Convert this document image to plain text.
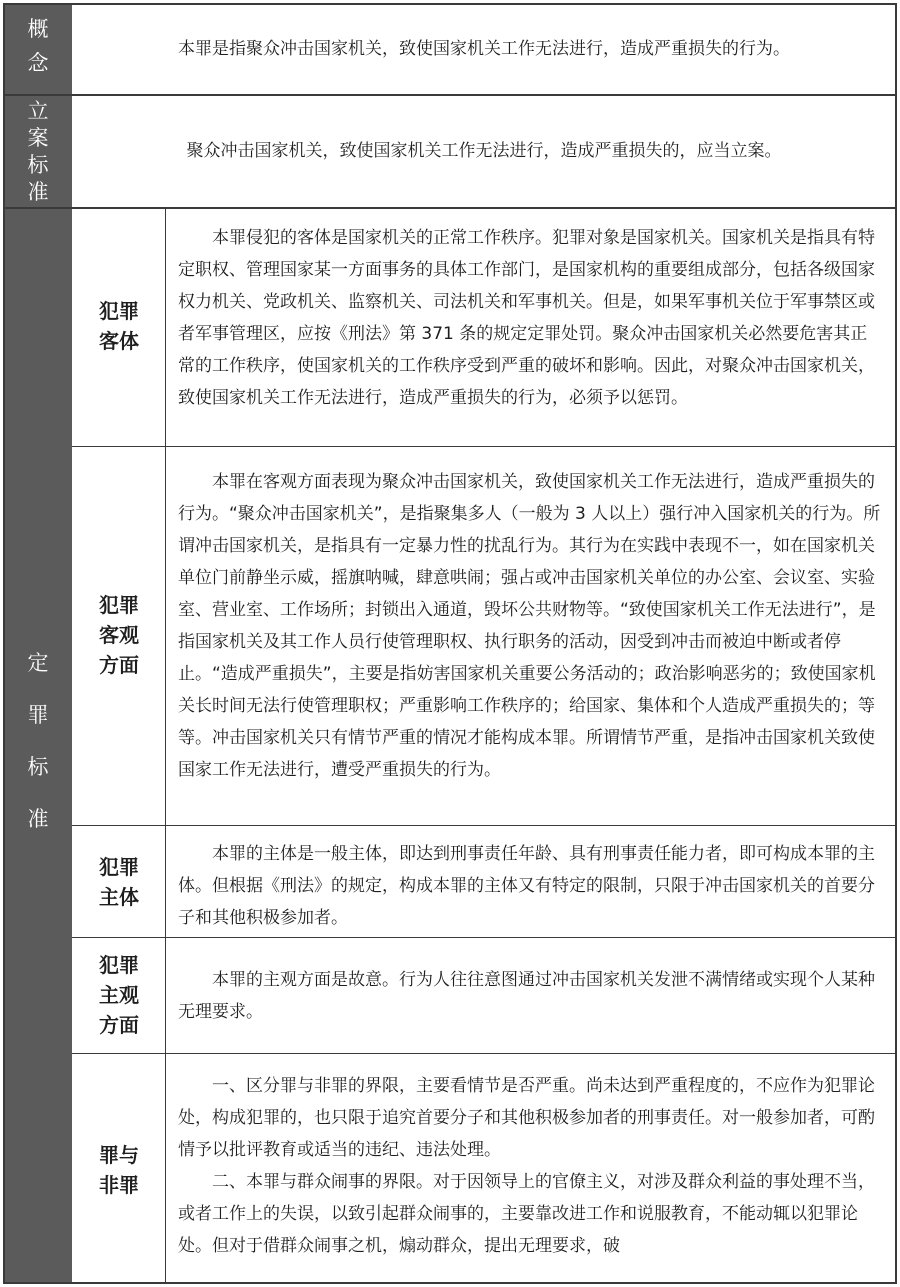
概
念
立
案
标
准
定
罪
标
准
本罪是指聚众冲击国家机关，致使国家机关工作无法进行，造成严重损失的行为。
聚众冲击国家机关，致使国家机关工作无法进行，造成严重损失的，应当立案。
犯罪
客体

本罪侵犯的客体是国家机关的正常工作秩序。犯罪对象是国家机关。国家机关是指具有特定职权、管理国家某一方面事务的具体工作部门，是国家机构的重要组成部分，包括各级国家权力机关、党政机关、监察机关、司法机关和军事机关。但是，如果军事机关位于军事禁区或者军事管理区，应按《刑法》第 371 条的规定定罪处罚。聚众冲击国家机关必然要危害其正常的工作秩序，使国家机关的工作秩序受到严重的破坏和影响。因此，对聚众冲击国家机关，致使国家机关工作无法进行，造成严重损失的行为，必须予以惩罚。

犯罪
客观
方面

本罪在客观方面表现为聚众冲击国家机关，致使国家机关工作无法进行，造成严重损失的行为。“聚众冲击国家机关”，是指聚集多人（一般为 3 人以上）强行冲入国家机关的行为。所谓冲击国家机关，是指具有一定暴力性的扰乱行为。其行为在实践中表现不一，如在国家机关单位门前静坐示威，摇旗呐喊，肆意哄闹；强占或冲击国家机关单位的办公室、会议室、实验室、营业室、工作场所；封锁出入通道，毁坏公共财物等。“致使国家机关工作无法进行”，是指国家机关及其工作人员行使管理职权、执行职务的活动，因受到冲击而被迫中断或者停止。“造成严重损失”，主要是指妨害国家机关重要公务活动的；政治影响恶劣的；致使国家机关长时间无法行使管理职权；严重影响工作秩序的；给国家、集体和个人造成严重损失的；等等。冲击国家机关只有情节严重的情况才能构成本罪。所谓情节严重，是指冲击国家机关致使国家工作无法进行，遭受严重损失的行为。

犯罪
主体

本罪的主体是一般主体，即达到刑事责任年龄、具有刑事责任能力者，即可构成本罪的主体。但根据《刑法》的规定，构成本罪的主体又有特定的限制，只限于冲击国家机关的首要分子和其他积极参加者。

犯罪
主观
方面

本罪的主观方面是故意。行为人往往意图通过冲击国家机关发泄不满情绪或实现个人某种无理要求。

罪与
非罪

一、区分罪与非罪的界限，主要看情节是否严重。尚未达到严重程度的，不应作为犯罪论处，构成犯罪的，也只限于追究首要分子和其他积极参加者的刑事责任。对一般参加者，可酌情予以批评教育或适当的违纪、违法处理。

二、本罪与群众闹事的界限。对于因领导上的官僚主义，对涉及群众利益的事处理不当，或者工作上的失误，以致引起群众闹事的，主要靠改进工作和说服教育，不能动辄以犯罪论处。但对于借群众闹事之机，煽动群众，提出无理要求，破
